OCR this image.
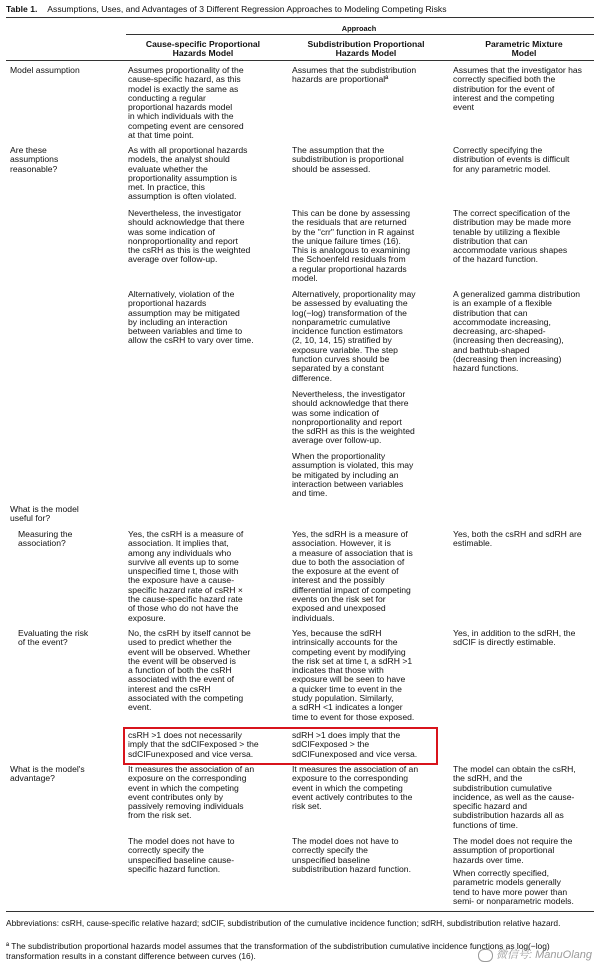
Table 1. Assumptions, Uses, and Advantages of 3 Different Regression Approaches to Modeling Competing Risks
Approach
Cause-specific Proportional
Hazards Model
Subdistribution Proportional
Hazards Model
Parametric Mixture
Model
Model assumption	Assumes proportionality of the
cause-specific hazard, as this
model is exactly the same as
conducting a regular
proportional hazards model
in which individuals with the
competing event are censored
at that time point.
Assumes that the subdistribution
hazards are proportionalª
Assumes that the investigator has
correctly specified both the
distribution for the event of
interest and the competing
event
Are these
assumptions
reasonable?
As with all proportional hazards
models, the analyst should
evaluate whether the
proportionality assumption is
met. In practice, this
assumption is often violated.
The assumption that the
subdistribution is proportional
should be assessed.
Correctly specifying the
distribution of events is difficult
for any parametric model.
Nevertheless, the investigator
should acknowledge that there
was some indication of
nonproportionality and report
the csRH as this is the weighted
average over follow-up.
This can be done by assessing
the residuals that are returned
by the "crr" function in R against
the unique failure times (16).
This is analogous to examining
the Schoenfeld residuals from
a regular proportional hazards
model.
The correct specification of the
distribution may be made more
tenable by utilizing a flexible
distribution that can
accommodate various shapes
of the hazard function.
Alternatively, violation of the
proportional hazards
assumption may be mitigated
by including an interaction
between variables and time to
allow the csRH to vary over time.
Alternatively, proportionality may
be assessed by evaluating the
log(−log) transformation of the
nonparametric cumulative
incidence function estimators
(2, 10, 14, 15) stratified by
exposure variable. The step
function curves should be
separated by a constant
difference.
A generalized gamma distribution
is an example of a flexible
distribution that can
accommodate increasing,
decreasing, arc-shaped-
(increasing then decreasing),
and bathtub-shaped
(decreasing then increasing)
hazard functions.
Nevertheless, the investigator
should acknowledge that there
was some indication of
nonproportionality and report
the sdRH as this is the weighted
average over follow-up.
When the proportionality
assumption is violated, this may
be mitigated by including an
interaction between variables
and time.
What is the model
useful for?
Measuring the
association?
Yes, the csRH is a measure of
association. It implies that,
among any individuals who
survive all events up to some
unspecified time t, those with
the exposure have a cause-
specific hazard rate of csRH ×
the cause-specific hazard rate
of those who do not have the
exposure.
Yes, the sdRH is a measure of
association. However, it is
a measure of association that is
due to both the association of
the exposure at the event of
interest and the possibly
differential impact of competing
events on the risk set for
exposed and unexposed
individuals.
Yes, both the csRH and sdRH are
estimable.
Evaluating the risk
of the event?
No, the csRH by itself cannot be
used to predict whether the
event will be observed. Whether
the event will be observed is
a function of both the csRH
associated with the event of
interest and the csRH
associated with the competing
event.
Yes, because the sdRH
intrinsically accounts for the
competing event by modifying
the risk set at time t, a sdRH >1
indicates that those with
exposure will be seen to have
a quicker time to event in the
study population. Similarly,
a sdRH <1 indicates a longer
time to event for those exposed.
Yes, in addition to the sdRH, the
sdCIF is directly estimable.
csRH >1 does not necessarily
imply that the sdCIFexposed > the
sdCIFunexposed and vice versa.
sdRH >1 does imply that the
sdCIFexposed > the
sdCIFunexposed and vice versa.
What is the model's
advantage?
It measures the association of an
exposure on the corresponding
event in which the competing
event contributes only by
passively removing individuals
from the risk set.
It measures the association of an
exposure to the corresponding
event in which the competing
event actively contributes to the
risk set.
The model can obtain the csRH,
the sdRH, and the
subdistribution cumulative
incidence, as well as the cause-
specific hazard and
subdistribution hazards all as
functions of time.
The model does not have to
correctly specify the
unspecified baseline cause-
specific hazard function.
The model does not have to
correctly specify the
unspecified baseline
subdistribution hazard function.
The model does not require the
assumption of proportional
hazards over time.
When correctly specified,
parametric models generally
tend to have more power than
semi- or nonparametric models.
Abbreviations: csRH, cause-specific relative hazard; sdCIF, subdistribution of the cumulative incidence function; sdRH, subdistribution relative hazard.
ª The subdistribution proportional hazards model assumes that the transformation of the subdistribution cumulative incidence functions as log(−log) transformation results in a constant difference between curves (16).	微信号: ManuOlang
